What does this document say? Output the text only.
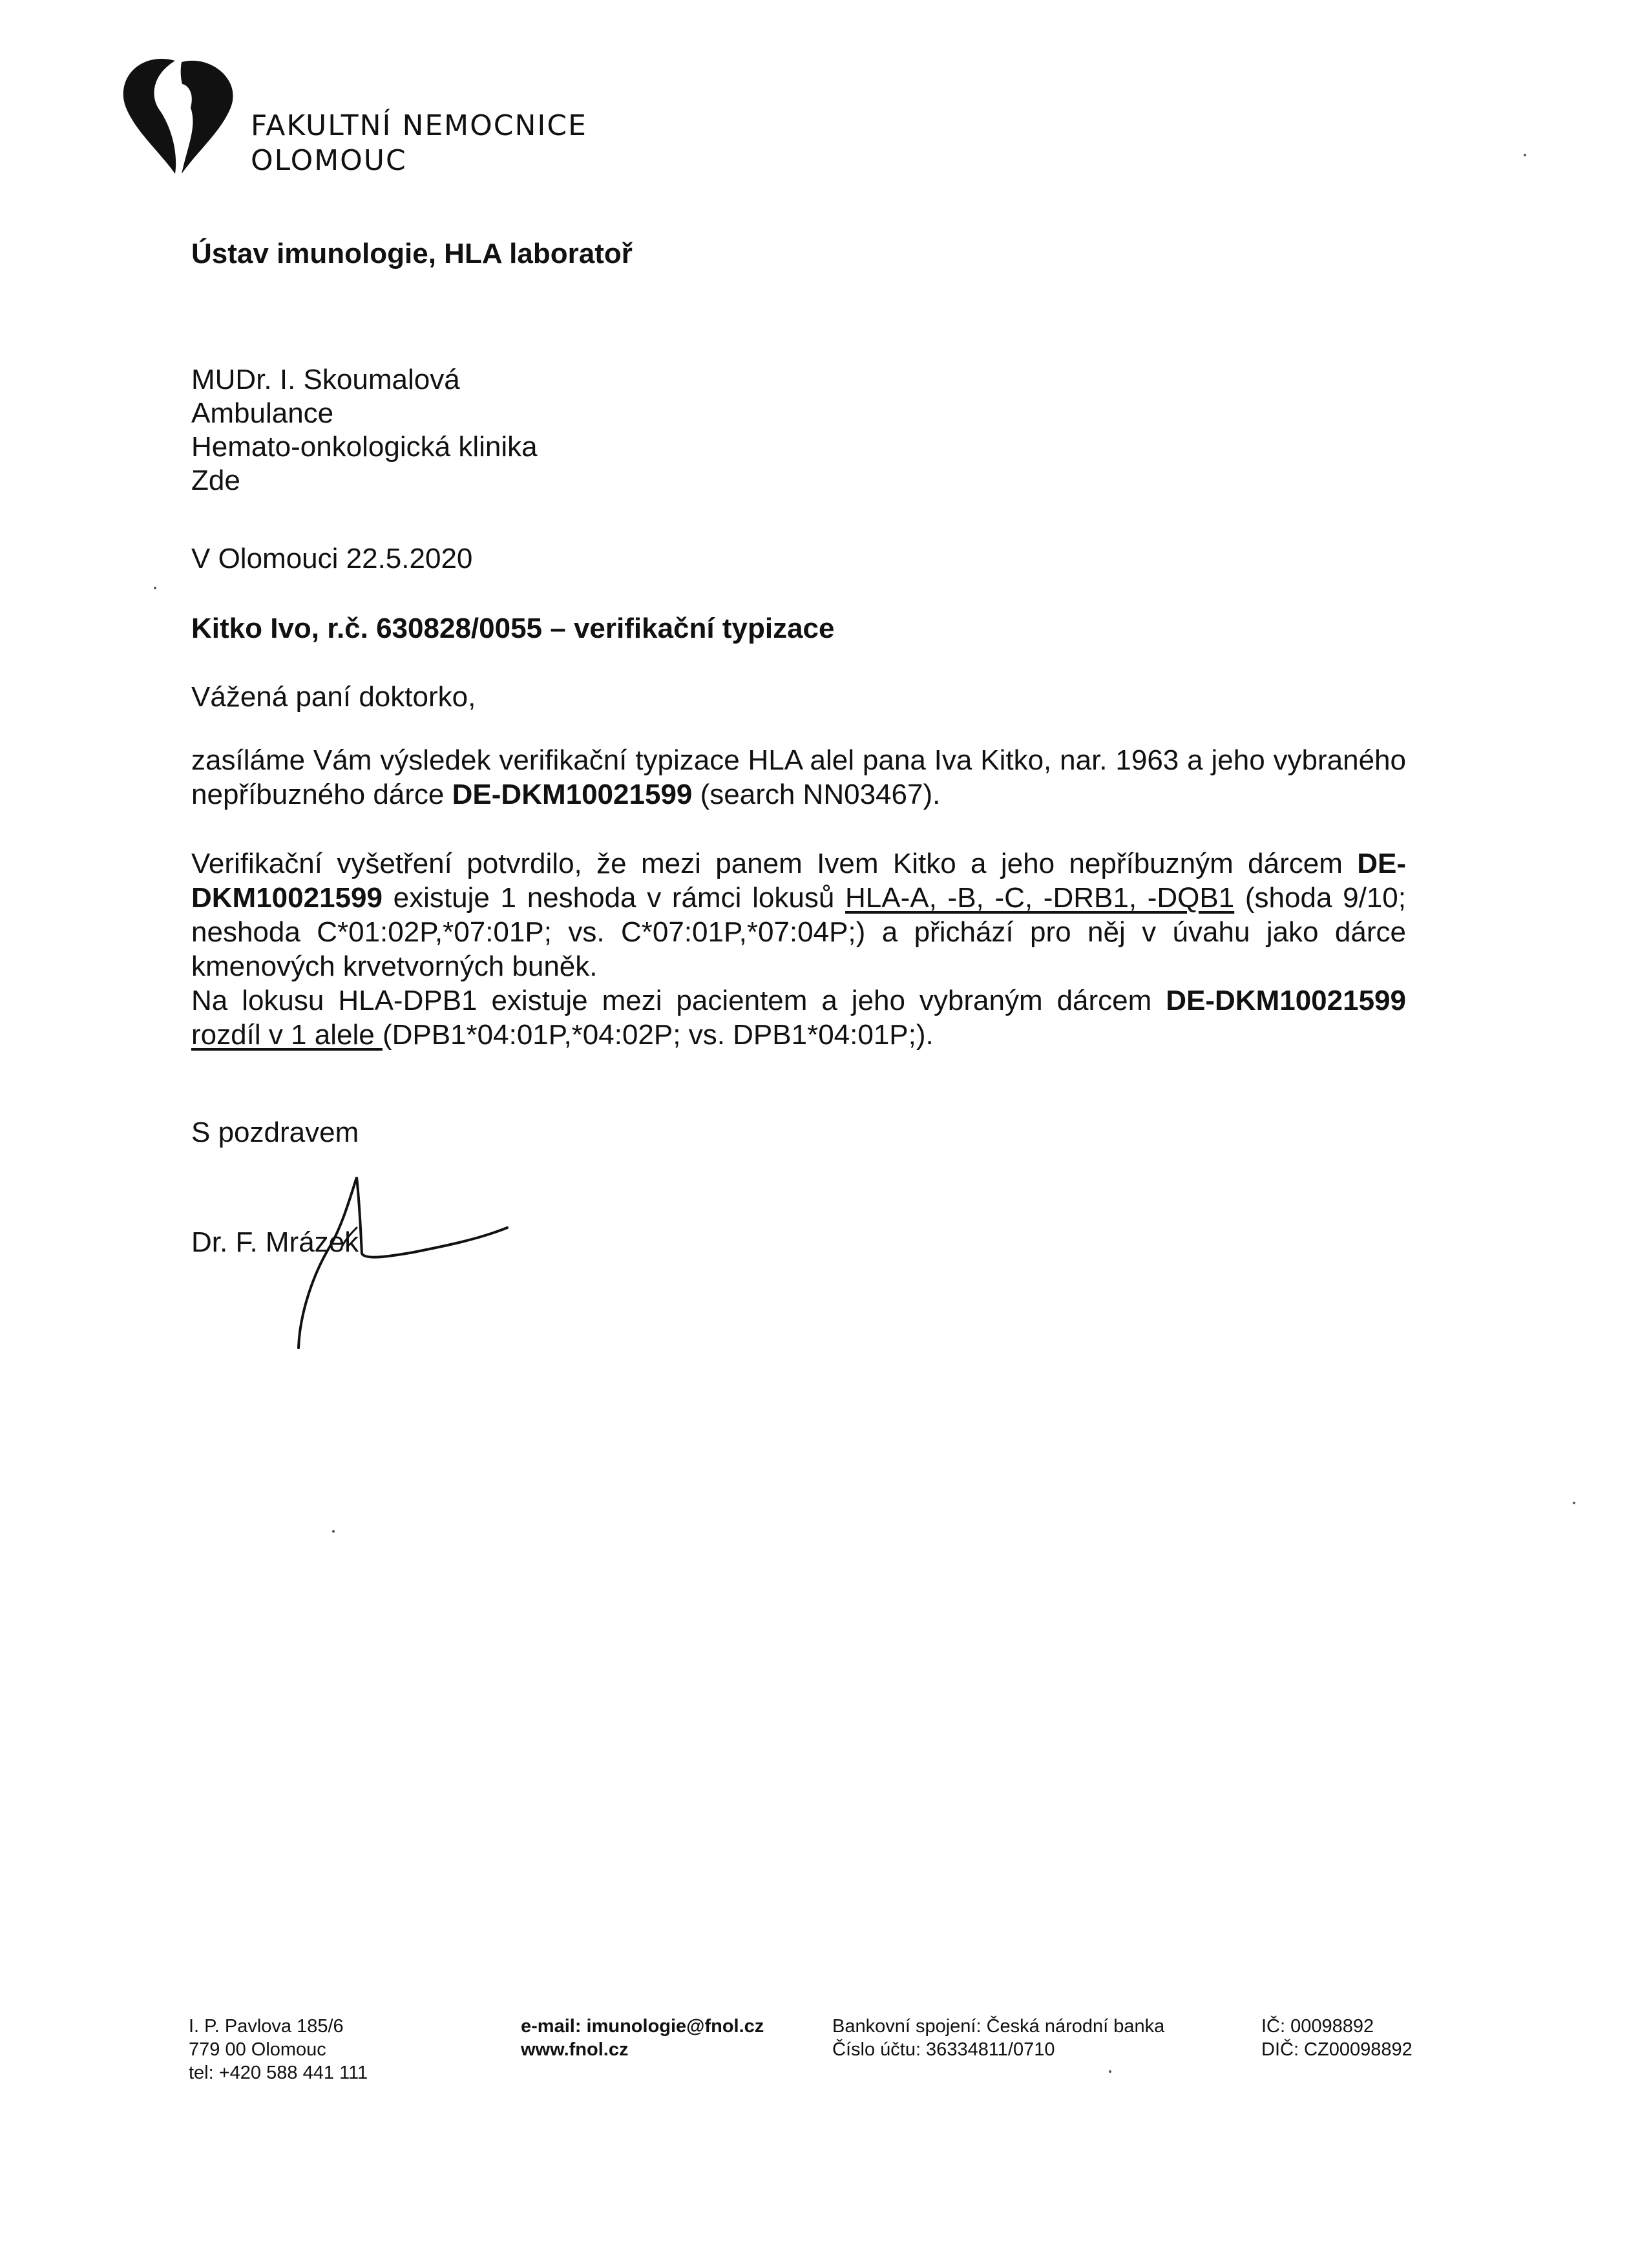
FAKULTNÍ NEMOCNICE
OLOMOUC
Ústav imunologie, HLA laboratoř
MUDr. I. Skoumalová
Ambulance
Hemato-onkologická klinika
Zde
V Olomouci 22.5.2020
Kitko Ivo, r.č. 630828/0055 – verifikační typizace
Vážená paní doktorko,
zasíláme Vám výsledek verifikační typizace HLA alel pana Iva Kitko, nar. 1963 a jeho vybraného nepříbuzného dárce DE-DKM10021599 (search NN03467).
Verifikační vyšetření potvrdilo, že mezi panem Ivem Kitko a jeho nepříbuzným dárcem DE-DKM10021599 existuje 1 neshoda v rámci lokusů HLA-A, -B, -C, -DRB1, -DQB1 (shoda 9/10; neshoda C*01:02P,*07:01P; vs. C*07:01P,*07:04P;) a přichází pro něj v úvahu jako dárce kmenových krvetvorných buněk.
Na lokusu HLA-DPB1 existuje mezi pacientem a jeho vybraným dárcem DE-DKM10021599 rozdíl v 1 alele (DPB1*04:01P,*04:02P; vs. DPB1*04:01P;).
S pozdravem
Dr. F. Mrázek
I. P. Pavlova 185/6
779 00 Olomouc
tel: +420 588 441 111
e-mail: imunologie@fnol.cz
www.fnol.cz
Bankovní spojení: Česká národní banka
Číslo účtu: 36334811/0710
IČ: 00098892
DIČ: CZ00098892
